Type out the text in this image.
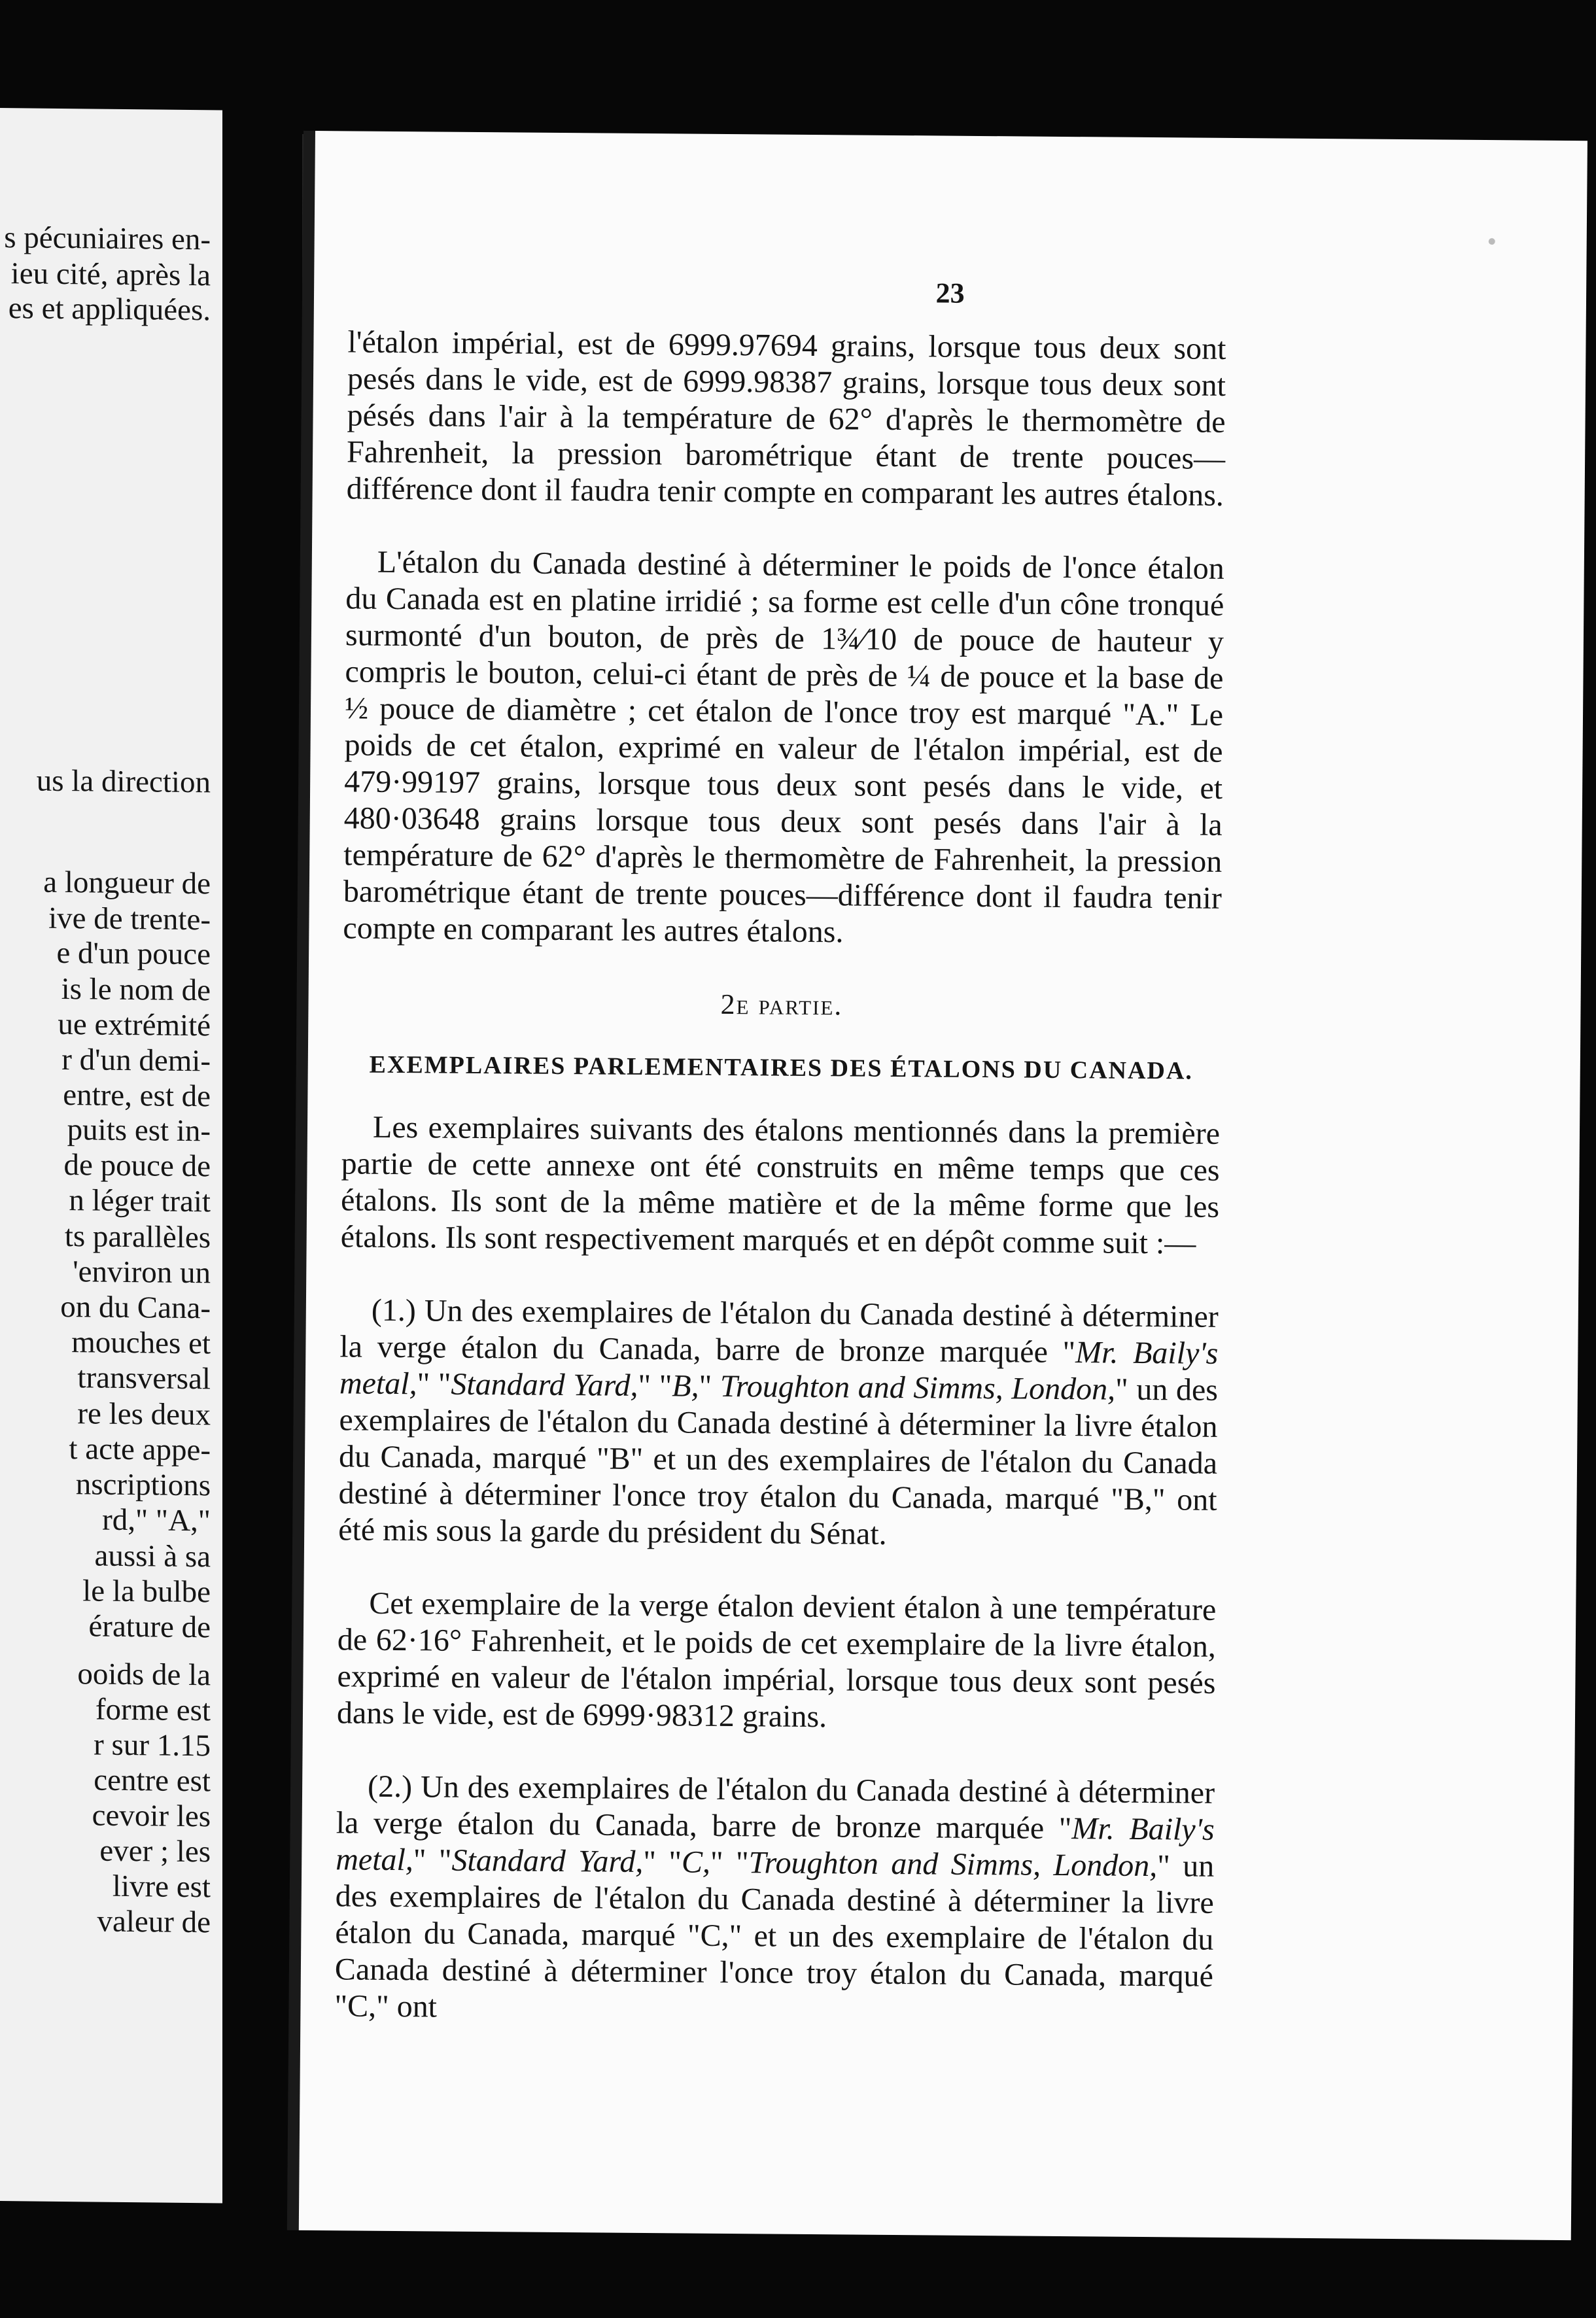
s pécuniaires en-
ieu cité, après la
es et appliquées.
us la direction
a longueur de
ive de trente-
e d'un pouce
is le nom de
ue extrémité
r d'un demi-
entre, est de
puits est in-
de pouce de
n léger trait
ts parallèles
'environ un
on du Cana-
mouches et
transversal
re les deux
t acte appe-
nscriptions
rd," "A,"
aussi à sa
le la bulbe
érature de
ooids de la
forme est
r sur 1.15
centre est
cevoir les
ever ; les
livre est
valeur de
23

l'étalon impérial, est de 6999.97694 grains, lorsque tous deux sont pesés dans le vide, est de 6999.98387 grains, lorsque tous deux sont pésés dans l'air à la température de 62° d'après le thermomètre de Fahrenheit, la pression barométrique étant de trente pouces—différence dont il faudra tenir compte en comparant les autres étalons.

L'étalon du Canada destiné à déterminer le poids de l'once étalon du Canada est en platine irridié ; sa forme est celle d'un cône tronqué surmonté d'un bouton, de près de 1¾⁄10 de pouce de hauteur y compris le bouton, celui-ci étant de près de ¼ de pouce et la base de ½ pouce de diamètre ; cet étalon de l'once troy est marqué "A." Le poids de cet étalon, exprimé en valeur de l'étalon impérial, est de 479·99197 grains, lorsque tous deux sont pesés dans le vide, et 480·03648 grains lorsque tous deux sont pesés dans l'air à la température de 62° d'après le thermomètre de Fahrenheit, la pression barométrique étant de trente pouces—différence dont il faudra tenir compte en comparant les autres étalons.

2e partie.

EXEMPLAIRES PARLEMENTAIRES DES ÉTALONS DU CANADA.

Les exemplaires suivants des étalons mentionnés dans la première partie de cette annexe ont été construits en même temps que ces étalons. Ils sont de la même matière et de la même forme que les étalons. Ils sont respectivement marqués et en dépôt comme suit :—

(1.) Un des exemplaires de l'étalon du Canada destiné à déterminer la verge étalon du Canada, barre de bronze marquée "Mr. Baily's metal," "Standard Yard," "B," Troughton and Simms, London," un des exemplaires de l'étalon du Canada destiné à déterminer la livre étalon du Canada, marqué "B" et un des exemplaires de l'étalon du Canada destiné à déterminer l'once troy étalon du Canada, marqué "B," ont été mis sous la garde du président du Sénat.

Cet exemplaire de la verge étalon devient étalon à une température de 62·16° Fahrenheit, et le poids de cet exemplaire de la livre étalon, exprimé en valeur de l'étalon impérial, lorsque tous deux sont pesés dans le vide, est de 6999·98312 grains.

(2.) Un des exemplaires de l'étalon du Canada destiné à déterminer la verge étalon du Canada, barre de bronze marquée "Mr. Baily's metal," "Standard Yard," "C," "Troughton and Simms, London," un des exemplaires de l'étalon du Canada destiné à déterminer la livre étalon du Canada, marqué "C," et un des exemplaire de l'étalon du Canada destiné à déterminer l'once troy étalon du Canada, marqué "C," ont
